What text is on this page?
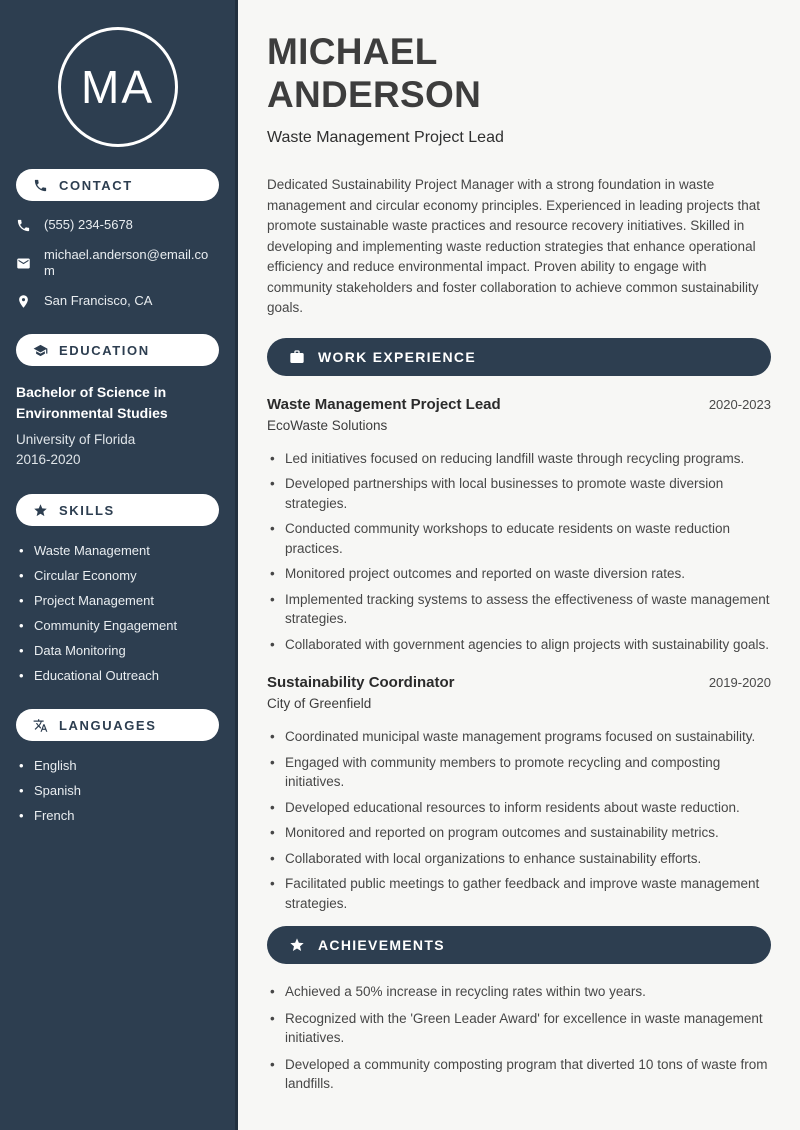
MA
CONTACT
(555) 234-5678
michael.anderson@email.com
San Francisco, CA
EDUCATION
Bachelor of Science in Environmental Studies
University of Florida
2016-2020
SKILLS
• Waste Management
• Circular Economy
• Project Management
• Community Engagement
• Data Monitoring
• Educational Outreach
LANGUAGES
• English
• Spanish
• French
MICHAEL
ANDERSON
Waste Management Project Lead

Dedicated Sustainability Project Manager with a strong foundation in waste management and circular economy principles. Experienced in leading projects that promote sustainable waste practices and resource recovery initiatives. Skilled in developing and implementing waste reduction strategies that enhance operational efficiency and reduce environmental impact. Proven ability to engage with community stakeholders and foster collaboration to achieve common sustainability goals.

WORK EXPERIENCE
Waste Management Project Lead	2020-2023
EcoWaste Solutions
• Led initiatives focused on reducing landfill waste through recycling programs.
• Developed partnerships with local businesses to promote waste diversion strategies.
• Conducted community workshops to educate residents on waste reduction practices.
• Monitored project outcomes and reported on waste diversion rates.
• Implemented tracking systems to assess the effectiveness of waste management strategies.
• Collaborated with government agencies to align projects with sustainability goals.
Sustainability Coordinator	2019-2020
City of Greenfield
• Coordinated municipal waste management programs focused on sustainability.
• Engaged with community members to promote recycling and composting initiatives.
• Developed educational resources to inform residents about waste reduction.
• Monitored and reported on program outcomes and sustainability metrics.
• Collaborated with local organizations to enhance sustainability efforts.
• Facilitated public meetings to gather feedback and improve waste management strategies.
ACHIEVEMENTS
• Achieved a 50% increase in recycling rates within two years.
• Recognized with the 'Green Leader Award' for excellence in waste management initiatives.
• Developed a community composting program that diverted 10 tons of waste from landfills.
